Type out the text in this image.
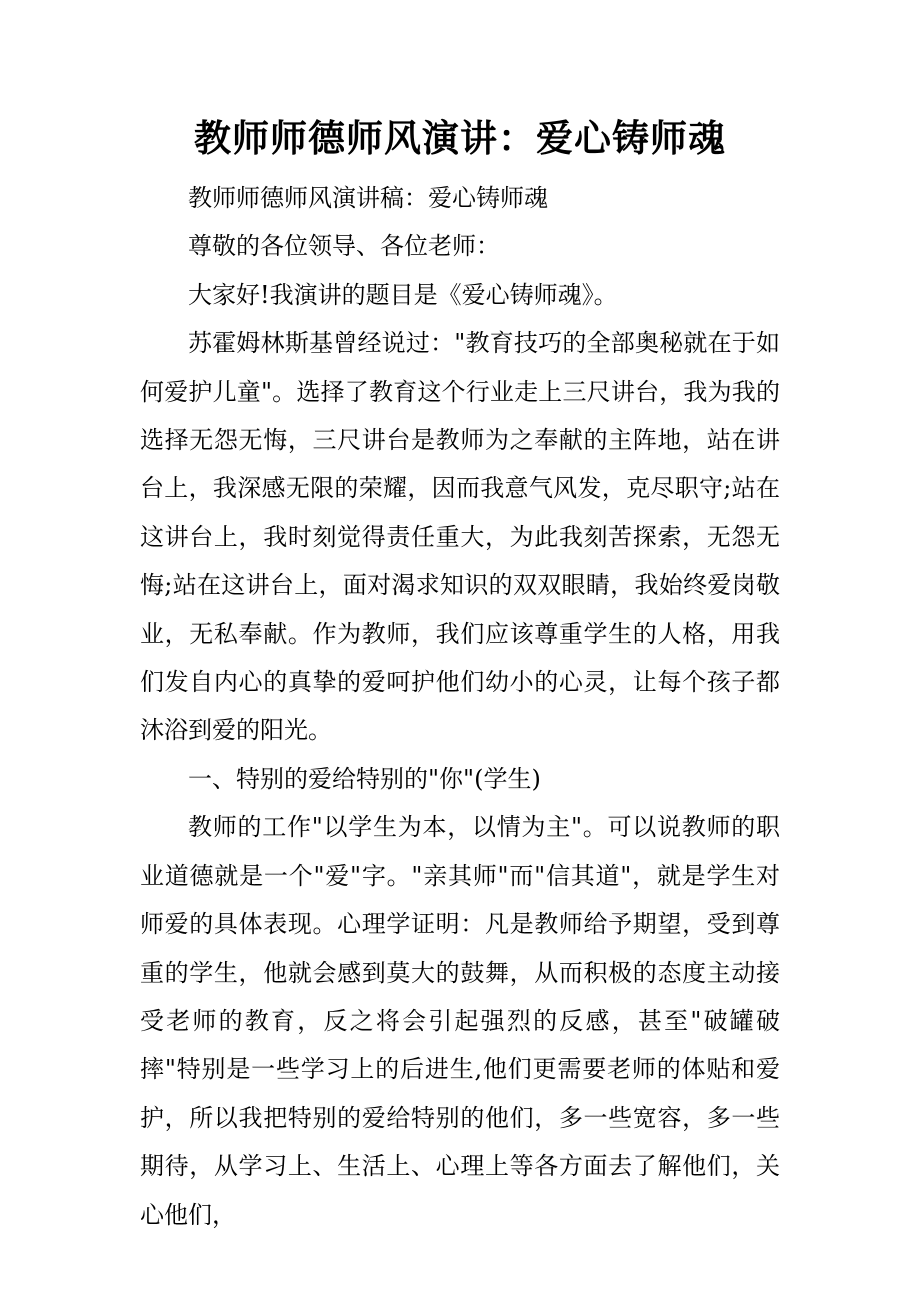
教师师德师风演讲：爱心铸师魂

教师师德师风演讲稿：爱心铸师魂

尊敬的各位领导、各位老师：

大家好!我演讲的题目是《爱心铸师魂》。

苏霍姆林斯基曾经说过："教育技巧的全部奥秘就在于如何爱护儿童"。选择了教育这个行业走上三尺讲台，我为我的选择无怨无悔，三尺讲台是教师为之奉献的主阵地，站在讲台上，我深感无限的荣耀，因而我意气风发，克尽职守;站在这讲台上，我时刻觉得责任重大，为此我刻苦探索，无怨无悔;站在这讲台上，面对渴求知识的双双眼睛，我始终爱岗敬业，无私奉献。作为教师，我们应该尊重学生的人格，用我们发自内心的真挚的爱呵护他们幼小的心灵，让每个孩子都沐浴到爱的阳光。

一、特别的爱给特别的"你"(学生)

教师的工作"以学生为本，以情为主"。可以说教师的职业道德就是一个"爱"字。"亲其师"而"信其道"，就是学生对师爱的具体表现。心理学证明：凡是教师给予期望，受到尊重的学生，他就会感到莫大的鼓舞，从而积极的态度主动接受老师的教育，反之将会引起强烈的反感，甚至"破罐破摔"特别是一些学习上的后进生,他们更需要老师的体贴和爱护，所以我把特别的爱给特别的他们，多一些宽容，多一些期待，从学习上、生活上、心理上等各方面去了解他们，关心他们，
